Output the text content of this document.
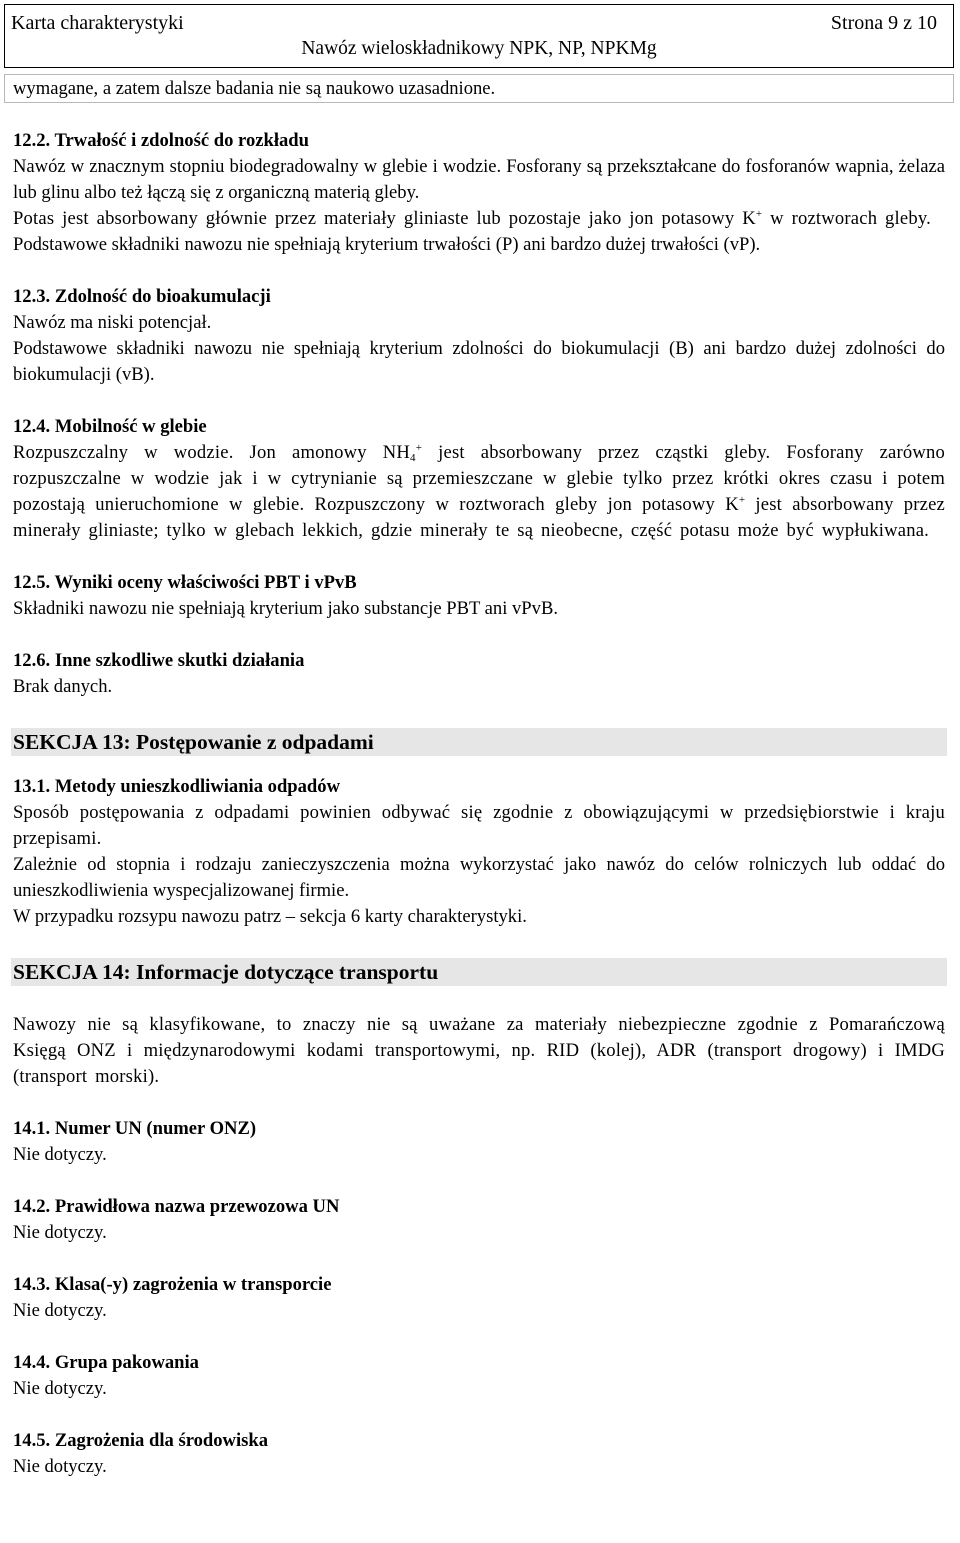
Karta charakterystyki	Strona 9 z 10
Nawóz wieloskładnikowy NPK, NP, NPKMg
wymagane, a zatem dalsze badania nie są naukowo uzasadnione.
12.2. Trwałość i zdolność do rozkładu

Nawóz w znacznym stopniu biodegradowalny w glebie i wodzie. Fosforany są przekształcane do fosforanów wapnia, żelaza lub glinu albo też łączą się z organiczną materią gleby.

Potas jest absorbowany głównie przez materiały gliniaste lub pozostaje jako jon potasowy K+ w roztworach gleby.

Podstawowe składniki nawozu nie spełniają kryterium trwałości (P) ani bardzo dużej trwałości (vP).

12.3. Zdolność do bioakumulacji

Nawóz ma niski potencjał.

Podstawowe składniki nawozu nie spełniają kryterium zdolności do biokumulacji (B) ani bardzo dużej zdolności do biokumulacji (vB).

12.4. Mobilność w glebie

Rozpuszczalny w wodzie. Jon amonowy $NH_4^+$ jest absorbowany przez cząstki gleby. Fosforany zarówno rozpuszczalne w wodzie jak i w cytrynianie są przemieszczane w glebie tylko przez krótki okres czasu i potem pozostają unieruchomione w glebie. Rozpuszczony w roztworach gleby jon potasowy K+ jest absorbowany przez minerały gliniaste; tylko w glebach lekkich, gdzie minerały te są nieobecne, część potasu może być wypłukiwana.

12.5. Wyniki oceny właściwości PBT i vPvB

Składniki nawozu nie spełniają kryterium jako substancje PBT ani vPvB.

12.6. Inne szkodliwe skutki działania

Brak danych.

SEKCJA 13: Postępowanie z odpadami
13.1. Metody unieszkodliwiania odpadów

Sposób postępowania z odpadami powinien odbywać się zgodnie z obowiązującymi w przedsiębiorstwie i kraju przepisami.

Zależnie od stopnia i rodzaju zanieczyszczenia można wykorzystać jako nawóz do celów rolniczych lub oddać do unieszkodliwienia wyspecjalizowanej firmie.

W przypadku rozsypu nawozu patrz – sekcja 6 karty charakterystyki.

SEKCJA 14: Informacje dotyczące transportu

Nawozy nie są klasyfikowane, to znaczy nie są uważane za materiały niebezpieczne zgodnie z Pomarańczową Księgą ONZ i międzynarodowymi kodami transportowymi, np. RID (kolej), ADR (transport drogowy) i IMDG (transport morski).

14.1. Numer UN (numer ONZ)

Nie dotyczy.

14.2. Prawidłowa nazwa przewozowa UN

Nie dotyczy.

14.3. Klasa(-y) zagrożenia w transporcie

Nie dotyczy.

14.4. Grupa pakowania

Nie dotyczy.

14.5. Zagrożenia dla środowiska

Nie dotyczy.
